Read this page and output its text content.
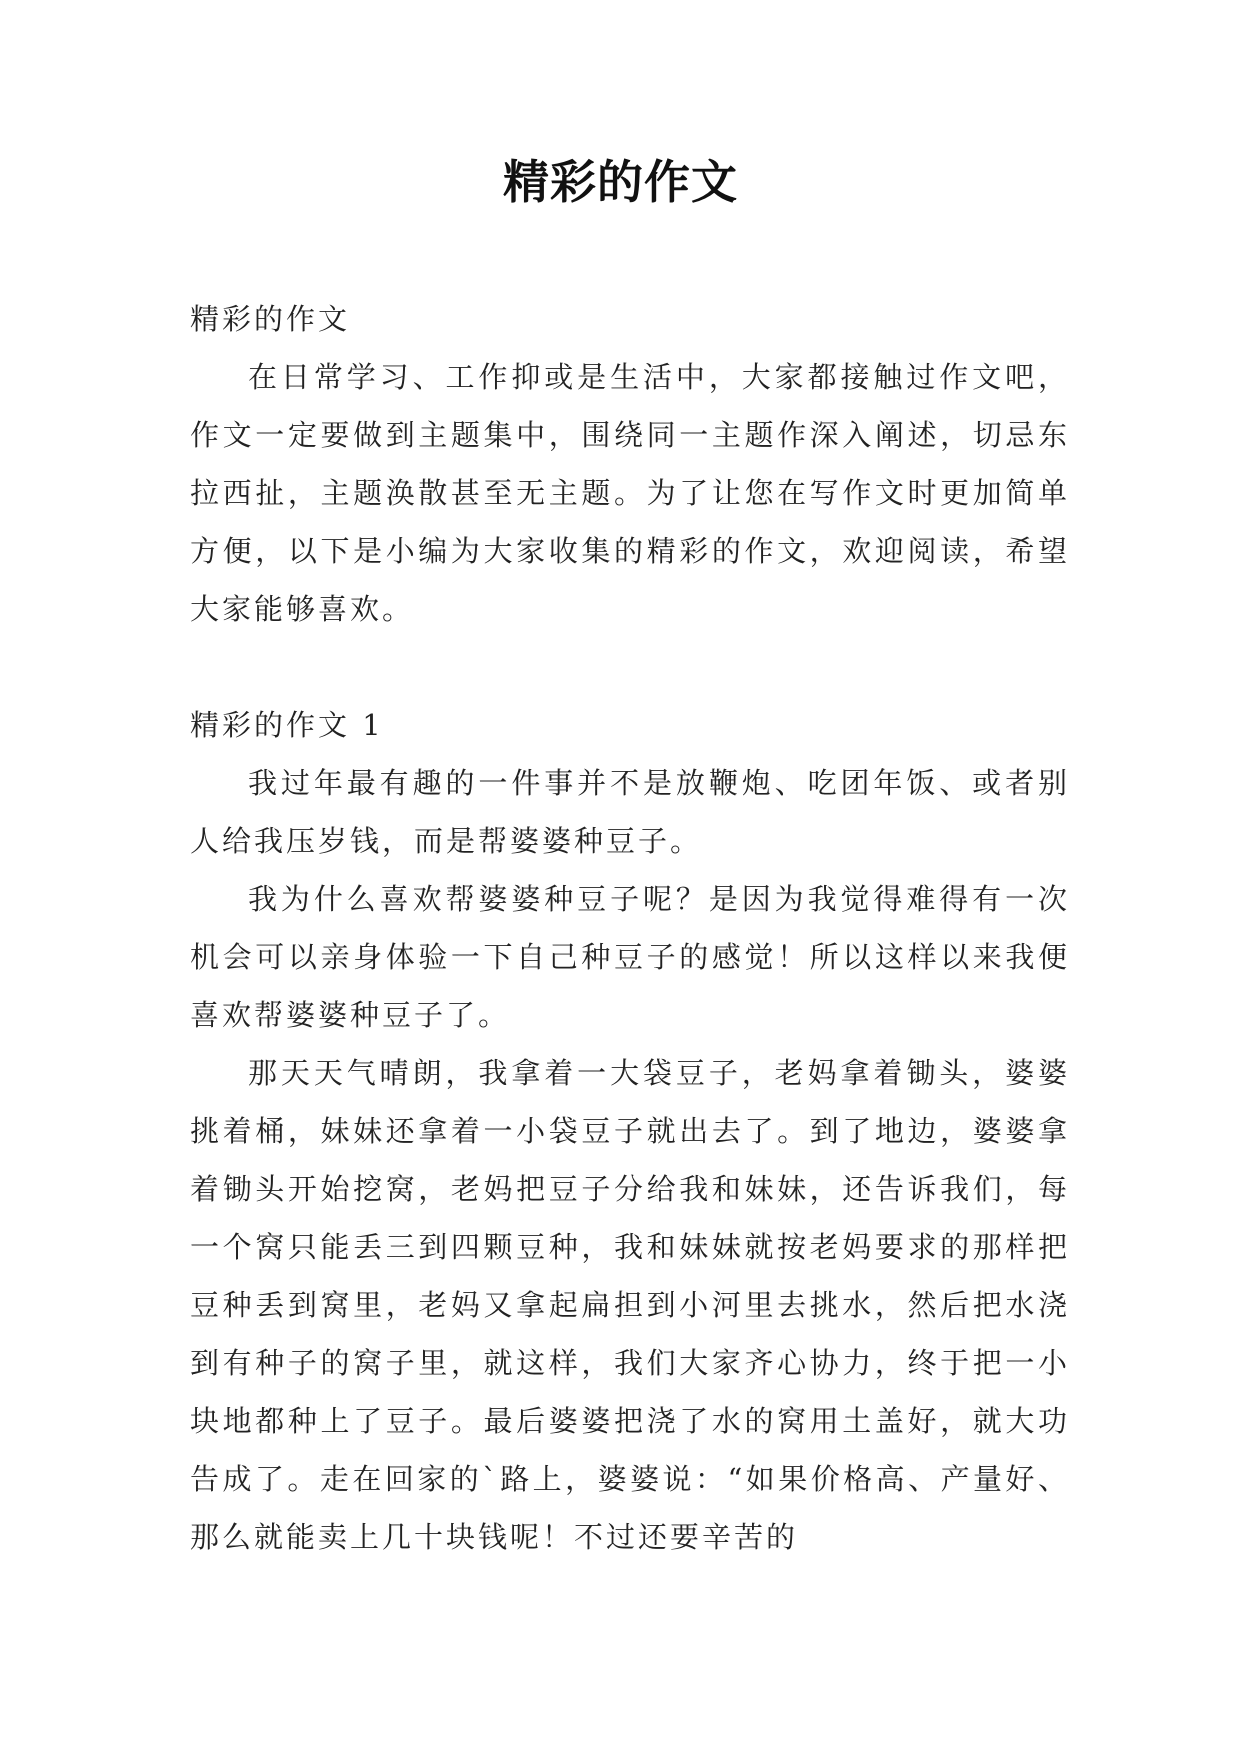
精彩的作文

精彩的作文

在日常学习、工作抑或是生活中，大家都接触过作文吧，作文一定要做到主题集中，围绕同一主题作深入阐述，切忌东拉西扯，主题涣散甚至无主题。为了让您在写作文时更加简单方便，以下是小编为大家收集的精彩的作文，欢迎阅读，希望大家能够喜欢。

精彩的作文 1

我过年最有趣的一件事并不是放鞭炮、吃团年饭、或者别人给我压岁钱，而是帮婆婆种豆子。

我为什么喜欢帮婆婆种豆子呢？是因为我觉得难得有一次机会可以亲身体验一下自己种豆子的感觉！所以这样以来我便喜欢帮婆婆种豆子了。

那天天气晴朗，我拿着一大袋豆子，老妈拿着锄头，婆婆挑着桶，妹妹还拿着一小袋豆子就出去了。到了地边，婆婆拿着锄头开始挖窝，老妈把豆子分给我和妹妹，还告诉我们，每一个窝只能丢三到四颗豆种，我和妹妹就按老妈要求的那样把豆种丢到窝里，老妈又拿起扁担到小河里去挑水，然后把水浇到有种子的窝子里，就这样，我们大家齐心协力，终于把一小块地都种上了豆子。最后婆婆把浇了水的窝用土盖好，就大功告成了。走在回家的`路上，婆婆说：“如果价格高、产量好、那么就能卖上几十块钱呢！不过还要辛苦的
